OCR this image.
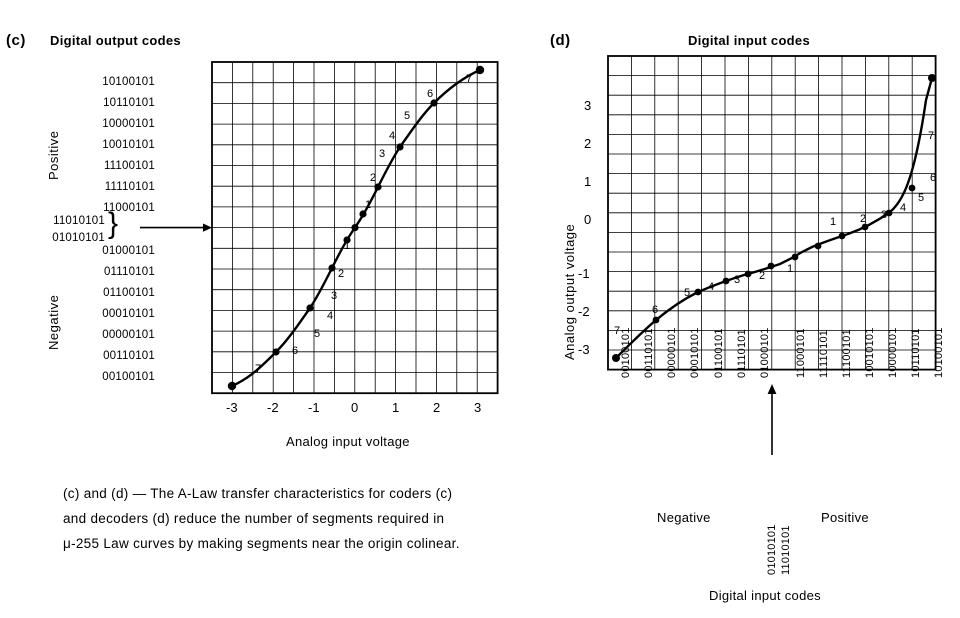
(c) Digital output codes
Positive
Negative
11010101
01010101 }
10100101
10110101
10000101
10010101
11100101
11110101
11000101
01000101
01110101
01100101
00010101
00000101
00110101
00100101
1
2
3
4
5
6
7
1
2
3
4
5
6
7
-3 -2 -1 0	1	2	3
Analog input voltage
(c) and (d) — The A-Law transfer characteristics for coders (c) and decoders (d) reduce the number of segments required in μ-255 Law curves by making segments near the origin colinear.
(d)	Digital input codes
Analog output voltage
3
2
1
0
-1
-2
-3
7
6
5 4
3 2
1
1 2 3
4
5
6
7
00100101 00110101 00000101 00010101 01100101 01110101 01000101 11000101 11110101 11100101 10010101 10000101 10110101 10100101
01010101 11010101
Negative	Positive
Digital input codes
